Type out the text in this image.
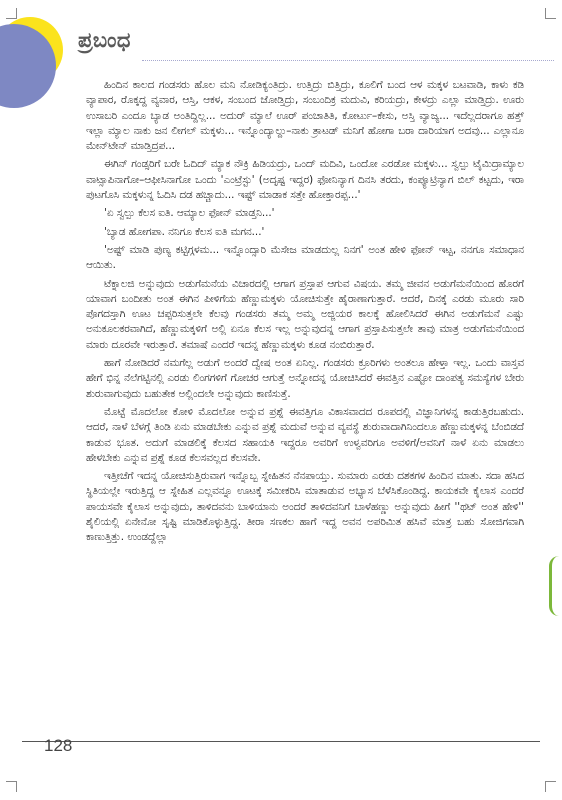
ಪ್ರಬಂಧ

ಹಿಂದಿನ ಕಾಲದ ಗಂಡಸರು ಹೊಲ ಮನಿ ನೋಡಿಕ್ಯಂತಿದ್ರು. ಉತ್ತಿದ್ರು ಬಿತ್ತಿದ್ರು, ಕೂಲಿಗೆ ಬಂದ ಆಳ ಮಕ್ಕಳ ಬಟವಾಡಿ, ಕಾಳು ಕಡಿ ವ್ಯಾಪಾರ, ರೊಕ್ಕದ್ದ ವ್ಯವಾರ, ಆಸ್ತಿ, ಆಕಳ, ಸಂಬಂದ ಜೋಡ್ತಿದ್ರು, ಸಂಬಂದಿಕ್ರ ಮದುವಿ, ಕರಿಯದ್ರು, ಕೇಳದ್ರು ಎಲ್ಲಾ ಮಾಡ್ತಿದ್ರು. ಊರು ಉಸಾಬರಿ ಎಂದೂ ಬ್ಯಾಡ ಅಂತಿದ್ದಿಲ್ಲ... ಅದುರ್ ಮ್ಯಾಲೆ ಊರ್ ಪಂಚಾತಿತಿ, ಕೋರ್ಟು–ಕೇಸು, ಅಸ್ತಿ ವ್ಯಾಜ್ಯ... ಇದೆಲ್ಲದರಾಗೂ ಹತ್ತ್ ಇಲ್ಲಾ ಮ್ಯಾಲ ನಾಕು ಜನ ಲೀಗಲ್ ಮಕ್ಕಳು... ಇನ್ನೊಂದ್ಯಾಲ್ದು–ನಾಕು ತ್ರಾಟಡ್ ಮನಿಗೆ ಹೋಗಾ ಬರಾ ದಾರಿಯಾಗ ಅದವು... ಎಲ್ಲಾನೂ ಮೇನ್‌ಟೇನ್ ಮಾಡ್ತಿದ್ರಪ...

ಈಗಿನ್ ಗಂಡ್ಸರಿಗೆ ಬರೇ ಓದಿದ್ ಮ್ಯಾಕ ನೌಕ್ರಿ ಹಿಡಿಯದ್ರು, ಒಂದ್ ಮದಿವಿ, ಒಂದೋ ಎರಡೋ ಮಕ್ಕಳು... ಸ್ವಲ್ಪು ಟೈಮಿದ್ರಾಮ್ಯಾಲ ವಾಟ್ಸಾಪಿನಾಗೋ–ಆಫೀಸಿನಾಗೋ ಒಂದು 'ಎಂಟ್ರೆಸ್ಟು' (ಅದೃಷ್ಟ ಇದ್ದರ) ಫೋನಿನ್ಯಾಗ ದಿನಸಿ ತರದು, ಕಂಪ್ಯೂಟ್ರಿನ್ಯಾಗ ಬಿಲ್ ಕಟ್ಟದು, ಇರಾ ಪುಟಗೊಸಿ ಮಕ್ಕಳುನ್ನ ಓದಿಸಿ ದಡ ಹಚ್ಚಾದು... ಇಷ್ಟ್ ಮಾಡಾಕ ಸತ್ತೇ ಹೋಕ್ತಾರಪ್ಪ...'

'ಏ ಸ್ವಲ್ಪು ಕೆಲಸ ಐತಿ. ಆಮ್ಯಾಲ ಫೋನ್ ಮಾಡ್ತನಿ...'

'ಬ್ಯಾಡ ಹೋಗಪಾ. ನನಿಗೂ ಕೆಲಸ ಐತಿ ಮಗನ...'

'ಅಷ್ಟ್ ಮಾಡಿ ಪುಣ್ಯ ಕಟ್ಟಿಗ್ಗಳಮ... ಇನ್ನೊಂದ್ಸಾರಿ ಮೆಸೇಜ ಮಾಡದುಲ್ಲ ನಿನಗ' ಅಂತ ಹೇಳಿ ಫೋನ್ ಇಟ್ಟ, ನನಗೂ ಸಮಾಧಾನ ಆಯಿತು.

ಟೆಕ್ನಾಲಜಿ ಅನ್ನುವುದು ಅಡುಗೆಮನೆಯ ವಿಚಾರದಲ್ಲಿ ಆಗಾಗ ಪ್ರಸ್ತಾಪ ಆಗುವ ವಿಷಯ. ತಮ್ಮ ಜೀವನ ಅಡುಗೆಮನೆಯಿಂದ ಹೊರಗೆ ಯಾವಾಗ ಬಂದೀತು ಅಂತ ಈಗಿನ ಪೀಳಿಗೆಯ ಹೆಣ್ಣುಮಕ್ಕಳು ಯೋಚಿಸುತ್ತೇ ಹೈರಾಣಾಗುತ್ತಾರೆ. ಆದರೆ, ದಿನಕ್ಕೆ ಎರಡು ಮೂರು ಸಾರಿ ಪೊಗದಸ್ತಾಗಿ ಊಟ ಚಪ್ಪರಿಸುತ್ತಲೇ ಕೆಲವು ಗಂಡಸರು ತಮ್ಮ ಅಮ್ಮ ಅಜ್ಜಿಯರ ಕಾಲಕ್ಕೆ ಹೋಲಿಸಿದರೆ ಈಗಿನ ಅಡುಗೆಮನೆ ಎಷ್ಟು ಅನುಕೂಲಕರವಾಗಿದೆ, ಹೆಣ್ಣುಮಕ್ಕಳಿಗೆ ಅಲ್ಲಿ ಏನೂ ಕೆಲಸ ಇಲ್ಲ ಅನ್ನುವುದನ್ನ ಆಗಾಗ ಪ್ರಸ್ತಾಪಿಸುತ್ತಲೇ ತಾವು ಮಾತ್ರ ಅಡುಗೆಮನೆಯಿಂದ ಮಾರು ದೂರವೇ ಇರುತ್ತಾರೆ. ತಮಾಷೆ ಎಂದರೆ ಇದನ್ನ ಹೆಣ್ಣುಮಕ್ಕಳು ಕೂಡ ನಂಬಿರುತ್ತಾರೆ.

ಹಾಗೆ ನೋಡಿದರೆ ನಮಗೆಲ್ಲ ಅಡುಗೆ ಅಂದರೆ ದ್ವೇಷ ಅಂತ ಏನಿಲ್ಲ. ಗಂಡಸರು ಕ್ರೂರಿಗಳು ಅಂತಲೂ ಹೇಳ್ತಾ ಇಲ್ಲ. ಒಂದು ವಾಸ್ತವ ಹೇಗೆ ಭಿನ್ನ ನೆಲೆಗಟ್ಟಿನಲ್ಲಿ ಎರಡು ಲಿಂಗಗಳಿಗೆ ಗೋಚರ ಆಗುತ್ತೆ ಅನ್ನೋದನ್ನ ಯೋಚಿಸಿದರೆ ಈವತ್ತಿನ ಎಷ್ಟೋ ದಾಂಪತ್ಯ ಸಮಸ್ಯೆಗಳ ಬೇರು ಶುರುವಾಗುವುದು ಬಹುತೇಕ ಅಲ್ಲಿಂದಲೇ ಅನ್ನುವುದು ಕಾಣಿಸುತ್ತೆ.

ಮೊಟ್ಟೆ ಮೊದಲೋ ಕೋಳಿ ಮೊದಲೋ ಅನ್ನುವ ಪ್ರಶ್ನೆ ಈವತ್ತಿಗೂ ವಿಕಾಸವಾದದ ರೂಪದಲ್ಲಿ ವಿಜ್ಞಾನಿಗಳನ್ನ ಕಾಡುತ್ತಿರಬಹುದು. ಆದರೆ, ನಾಳೆ ಬೆಳಗ್ಗೆ ತಿಂಡಿ ಏನು ಮಾಡಬೇಕು ಎನ್ನುವ ಪ್ರಶ್ನೆ ಮದುವೆ ಅನ್ನುವ ವ್ಯವಸ್ಥೆ ಶುರುವಾದಾಗಿನಿಂದಲೂ ಹೆಣ್ಣುಮಕ್ಕಳನ್ನ ಬೆಂಬಿಡದೆ ಕಾಡುವ ಭೂತ. ಅದುಗೆ ಮಾಡಲಿಕ್ಕೆ ಕೆಲಸದ ಸಹಾಯಕಿ ಇದ್ದರೂ ಅವರಿಗೆ ಉಳ್ವವರಿಗೂ ಅವಳಿಗೆ/ಅವನಿಗೆ ನಾಳೆ ಏನು ಮಾಡಲು ಹೇಳಬೇಕು ಎನ್ನುವ ಪ್ರಶ್ನೆ ಕೂಡ ಕೆಲಸವಲ್ಲದ ಕೆಲಸವೇ.

ಇತ್ತೀಚೆಗೆ ಇದನ್ನ ಯೋಚಿಸುತ್ತಿರುವಾಗ ಇನ್ನೊಬ್ಬ ಸ್ನೇಹಿತನ ನೆನಪಾಯ್ತು. ಸುಮಾರು ಎರಡು ದಶಕಗಳ ಹಿಂದಿನ ಮಾತು. ಸದಾ ಹಸಿದ ಸ್ಥಿತಿಯಲ್ಲೇ ಇರುತ್ತಿದ್ದ ಆ ಸ್ನೇಹಿತ ಎಲ್ಲವನ್ನೂ ಊಟಕ್ಕೆ ಸಮೀಕರಿಸಿ ಮಾತಾಡುವ ಅಭ್ಯಾಸ ಬೆಳೆಸಿಕೊಂಡಿದ್ದ. ಕಾಯಕವೇ ಕೈಲಾಸ ಎಂದರೆ ಪಾಯಸವೇ ಕೈಲಾಸ ಅನ್ನುವುದು, ತಾಳಿದವನು ಬಾಳಿಯಾನು ಅಂದರೆ ತಾಳಿದವನಿಗೆ ಬಾಳೆಹಣ್ಣು ಅನ್ನುವುದು ಹೀಗೆ ''ಥಟ್ ಅಂತ ಹೇಳಿ'' ಶೈಲಿಯಲ್ಲಿ ಏನೇನೋ ಸೃಷ್ಟಿ ಮಾಡಿಕೊಳ್ಳುತ್ತಿದ್ದ. ತೀರಾ ಸಣಕಲ ಹಾಗೆ ಇದ್ದ ಅವನ ಅಪರಿಮಿತ ಹಸಿವೆ ಮಾತ್ರ ಬಹು ಸೋಜಿಗವಾಗಿ ಕಾಣುತ್ತಿತ್ತು. ಉಂಡದ್ದೆಲ್ಲಾ

128
